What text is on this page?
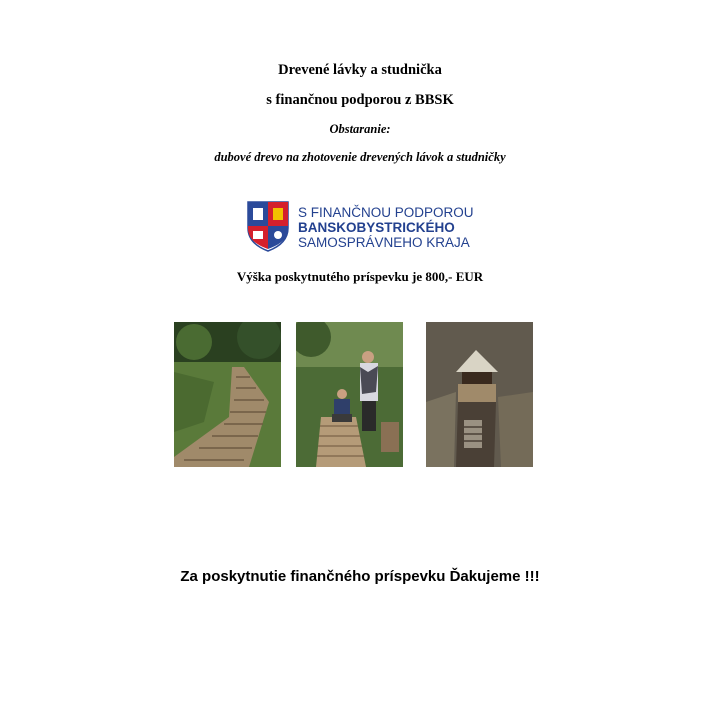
Drevené lávky a studnička
s finančnou podporou z BBSK
Obstaranie:
dubové drevo na zhotovenie drevených lávok a studničky
S FINANČNOU PODPOROU
BANSKOBYSTRICKÉHO
SAMOSPRÁVNEHO KRAJA
Výška poskytnutého príspevku je 800,- EUR
Za poskytnutie finančného príspevku Ďakujeme !!!
